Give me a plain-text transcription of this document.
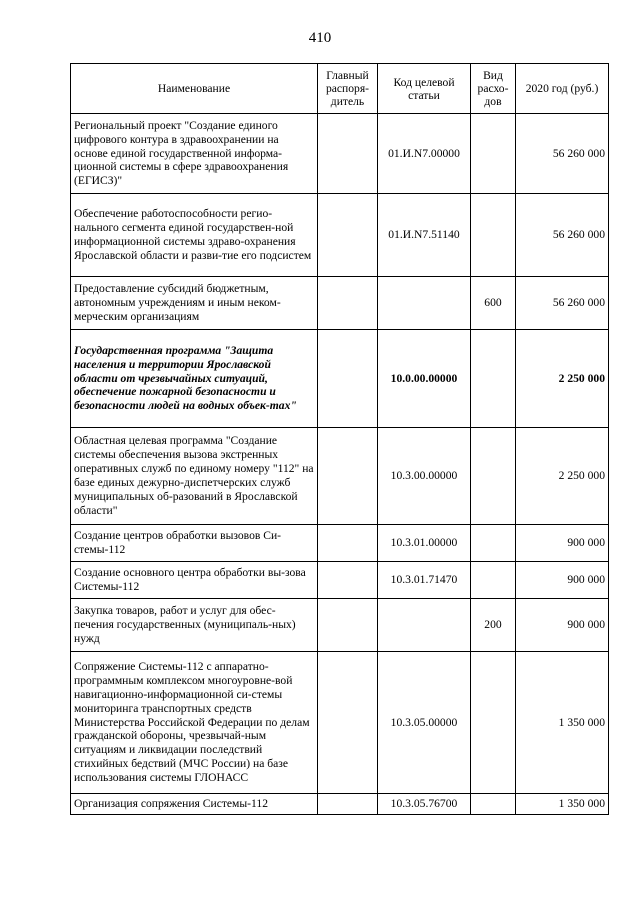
410
Наименование	Главный распоря-дитель	Код целевой статьи	Вид расхо-дов	2020 год (руб.)
Региональный проект "Создание единого цифрового контура в здравоохранении на основе единой государственной информа-ционной системы в сфере здравоохранения (ЕГИСЗ)"		01.И.N7.00000		56 260 000
Обеспечение работоспособности регио-нального сегмента единой государствен-ной информационной системы здраво-охранения Ярославской области и разви-тие его подсистем		01.И.N7.51140		56 260 000
Предоставление субсидий бюджетным, автономным учреждениям и иным неком-мерческим организациям			600	56 260 000
Государственная программа "Защита населения и территории Ярославской области от чрезвычайных ситуаций, обеспечение пожарной безопасности и безопасности людей на водных объек-тах"		10.0.00.00000		2 250 000
Областная целевая программа "Создание системы обеспечения вызова экстренных оперативных служб по единому номеру "112" на базе единых дежурно-диспетчерских служб муниципальных об-разований в Ярославской области"		10.3.00.00000		2 250 000
Создание центров обработки вызовов Си-стемы-112		10.3.01.00000		900 000
Создание основного центра обработки вы-зова Системы-112		10.3.01.71470		900 000
Закупка товаров, работ и услуг для обес-печения государственных (муниципаль-ных) нужд			200	900 000
Сопряжение Системы-112 с аппаратно-программным комплексом многоуровне-вой навигационно-информационной си-стемы мониторинга транспортных средств Министерства Российской Федерации по делам гражданской обороны, чрезвычай-ным ситуациям и ликвидации последствий стихийных бедствий (МЧС России) на базе использования системы ГЛОНАСС		10.3.05.00000		1 350 000
Организация сопряжения Системы-112		10.3.05.76700		1 350 000
